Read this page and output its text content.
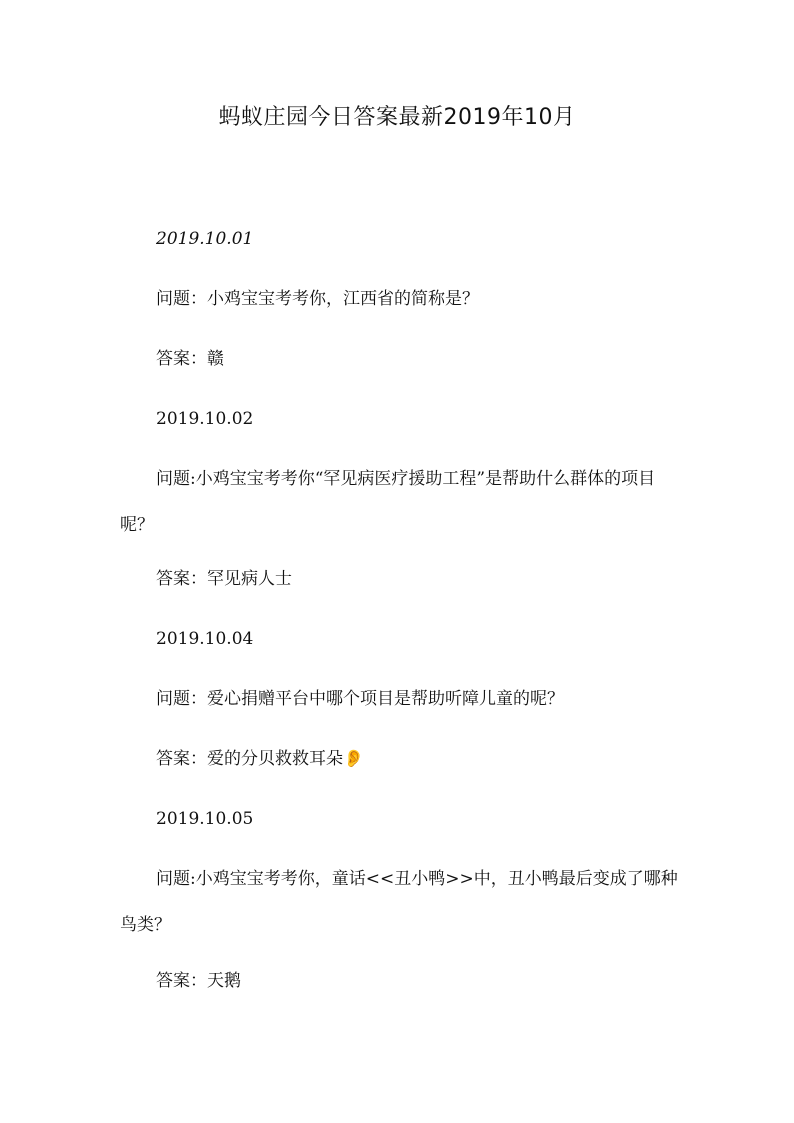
蚂蚁庄园今日答案最新2019年10月
2019.10.01
问题：小鸡宝宝考考你，江西省的简称是？
答案：赣
2019.10.02
问题:小鸡宝宝考考你“罕见病医疗援助工程”是帮助什么群体的项目呢？
答案：罕见病人士
2019.10.04
问题：爱心捐赠平台中哪个项目是帮助听障儿童的呢？
答案：爱的分贝救救耳朵👂
2019.10.05
问题:小鸡宝宝考考你，童话<<丑小鸭>>中，丑小鸭最后变成了哪种鸟类？
答案：天鹅
